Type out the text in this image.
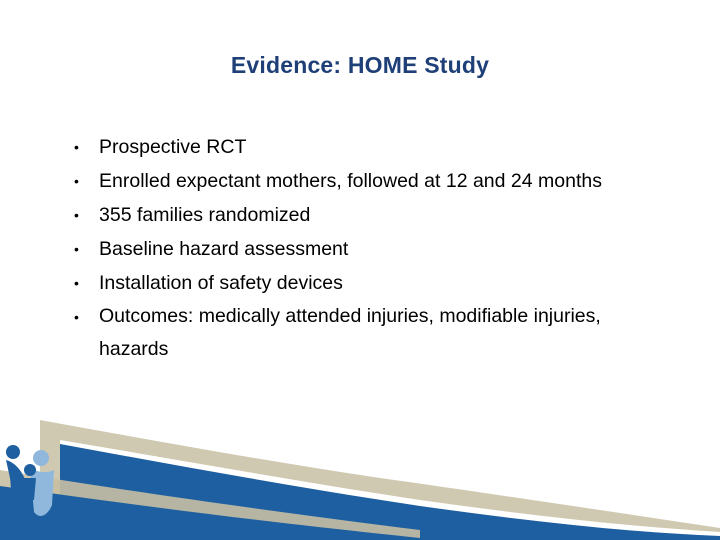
Evidence: HOME Study
• Prospective RCT
• Enrolled expectant mothers, followed at 12 and 24 months
• 355 families randomized
• Baseline hazard assessment
• Installation of safety devices
• Outcomes: medically attended injuries, modifiable injuries, hazards
